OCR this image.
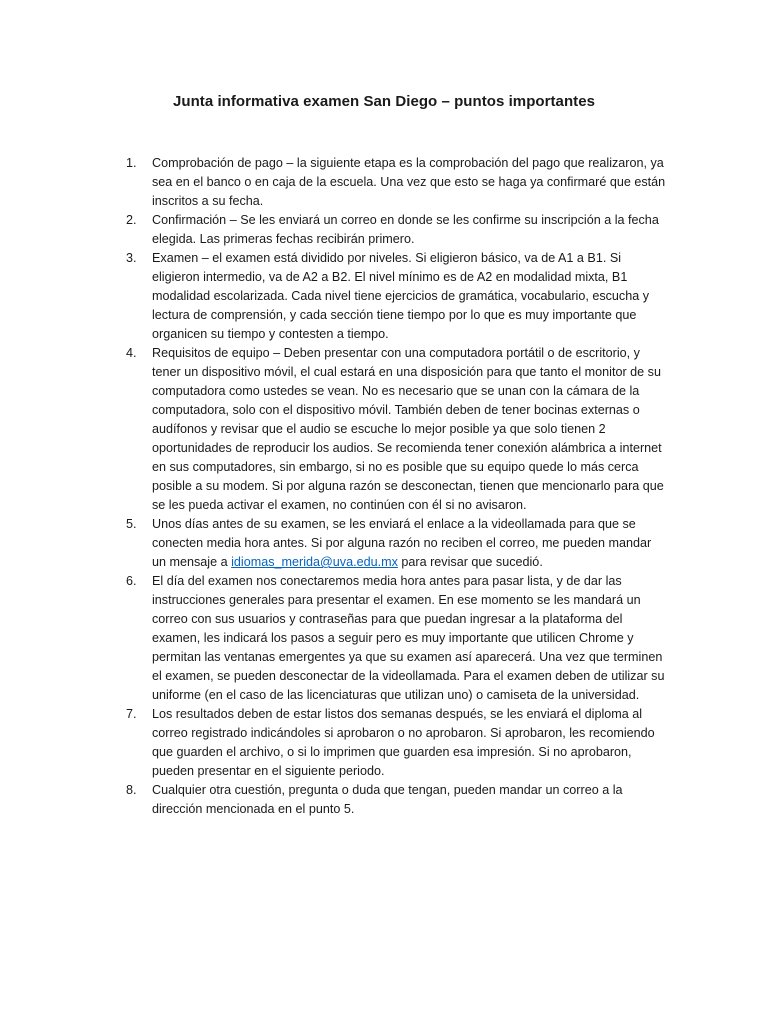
Junta informativa examen San Diego – puntos importantes
1. Comprobación de pago – la siguiente etapa es la comprobación del pago que realizaron, ya sea en el banco o en caja de la escuela. Una vez que esto se haga ya confirmaré que están inscritos a su fecha.
2. Confirmación – Se les enviará un correo en donde se les confirme su inscripción a la fecha elegida. Las primeras fechas recibirán primero.
3. Examen – el examen está dividido por niveles. Si eligieron básico, va de A1 a B1. Si eligieron intermedio, va de A2 a B2. El nivel mínimo es de A2 en modalidad mixta, B1 modalidad escolarizada. Cada nivel tiene ejercicios de gramática, vocabulario, escucha y lectura de comprensión, y cada sección tiene tiempo por lo que es muy importante que organicen su tiempo y contesten a tiempo.
4. Requisitos de equipo – Deben presentar con una computadora portátil o de escritorio, y tener un dispositivo móvil, el cual estará en una disposición para que tanto el monitor de su computadora como ustedes se vean. No es necesario que se unan con la cámara de la computadora, solo con el dispositivo móvil. También deben de tener bocinas externas o audífonos y revisar que el audio se escuche lo mejor posible ya que solo tienen 2 oportunidades de reproducir los audios. Se recomienda tener conexión alámbrica a internet en sus computadores, sin embargo, si no es posible que su equipo quede lo más cerca posible a su modem. Si por alguna razón se desconectan, tienen que mencionarlo para que se les pueda activar el examen, no continúen con él si no avisaron.
5. Unos días antes de su examen, se les enviará el enlace a la videollamada para que se conecten media hora antes. Si por alguna razón no reciben el correo, me pueden mandar un mensaje a idiomas_merida@uva.edu.mx para revisar que sucedió.
6. El día del examen nos conectaremos media hora antes para pasar lista, y de dar las instrucciones generales para presentar el examen. En ese momento se les mandará un correo con sus usuarios y contraseñas para que puedan ingresar a la plataforma del examen, les indicará los pasos a seguir pero es muy importante que utilicen Chrome y permitan las ventanas emergentes ya que su examen así aparecerá. Una vez que terminen el examen, se pueden desconectar de la videollamada. Para el examen deben de utilizar su uniforme (en el caso de las licenciaturas que utilizan uno) o camiseta de la universidad.
7. Los resultados deben de estar listos dos semanas después, se les enviará el diploma al correo registrado indicándoles si aprobaron o no aprobaron. Si aprobaron, les recomiendo que guarden el archivo, o si lo imprimen que guarden esa impresión. Si no aprobaron, pueden presentar en el siguiente periodo.
8. Cualquier otra cuestión, pregunta o duda que tengan, pueden mandar un correo a la dirección mencionada en el punto 5.
